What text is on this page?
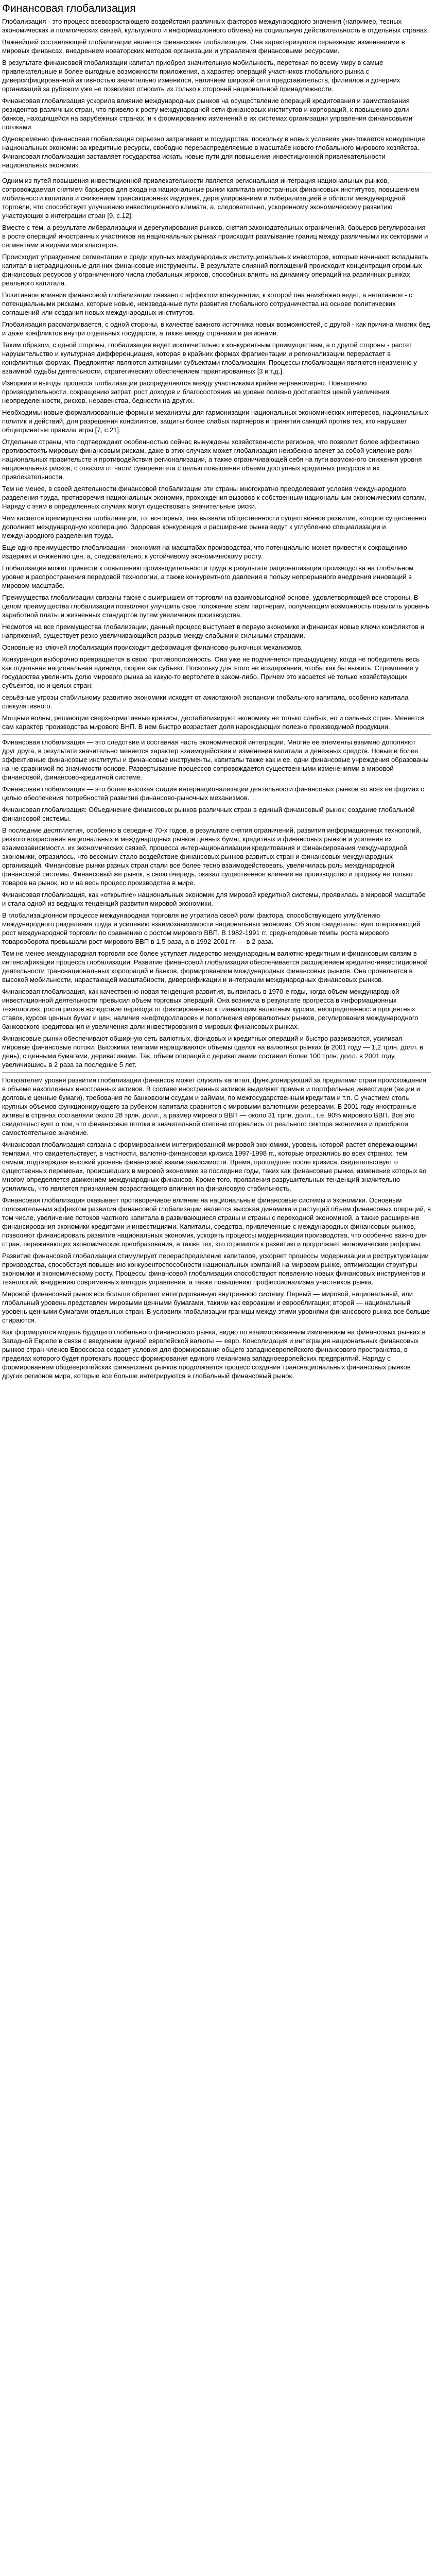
Финансовая глобализация

Глобализация - это процесс всевозрастающего воздействия различных факторов международного значения (например, тесных экономических и политических связей, культурного и информационного обмена) на социальную действительность в отдельных странах.

Важнейшей составляющей глобализации является финансовая глобализация. Она характеризуется серьезными изменениями в мировых финансах, внедрением новаторских методов организации и управления финансовыми ресурсами.

В результате финансовой глобализации капитал приобрел значительную мобильность, перетекая по всему миру в самые привлекательные и более выгодные возможности приложения, а характер операций участников глобального рынка с диверсифицированной активностью значительно изменился, наличием широкой сети представительств, филиалов и дочерних организаций за рубежом уже не позволяет относить их только к стороннй национальной принадлежности.

Финансовая глобализация ускорила влияние международных рынков на осуществление операций кредитования и заимствования резидентов различных стран, что привело к росту международной сети финансовых институтов и корпораций, к повышению доли банков, находящейся на зарубежных странах, и к формированию изменений в их системах организации управления финансовыми потоками.

Одновременно финансовая глобализация серьезно затрагивает и государства, поскольку в новых условиях уничтожается конкуренция национальных экономик за кредитные ресурсы, свободно перераспределяемые в масштабе нового глобального мирового хозяйства. Финансовая глобализация заставляет государства искать новые пути для повышения инвестиционной привлекательности национальных экономик.

Одним из путей повышения инвестиционной привлекательности является региональная интеграция национальных рынков, сопровождаемая снятием барьеров для входа на национальные рынки капитала иностранных финансовых институтов, повышением мобильности капитала и снижением трансакционных издержек, дерегулированием и либерализацией в области международной торговли, что способствует улучшению инвестиционного климата, а, следовательно, ускоренному экономическому развитию участвующих в интеграции стран [9, с.12].

Вместе с тем, а результате либерализации и дерегулирования рынков, снятия законодательных ограничений, барьеров регулирования в росте операций иностранных участников на национальных рынках происходит размывание границ между различными их секторами и сегментами и видами мои кластеров.

Происходит упразднение сегментации и среди крупных международных институциональных инвесторов, которые начинают вкладывать капитал в нетрадиционные для них финансовые инструменты. В результате слияний поглощений происходит концентрация огромных финансовых ресурсов у ограниченного числа глобальных игроков, способных влиять на динамику операций на различных рынках реального капитала.

Позитивное влияние финансовой глобализации связано с эффектом конкуренции, к которой она неизбежно ведет, а негативное - с потенциальными рисками, которые новые, неизведанные пути развития глобального сотрудничества на основе политических соглашений или создания новых международных институтов.

Глобализация рассматривается, с одной стороны, в качестве важного источника новых возможностей, с другой - как причина многих бед и даже конфликтов внутри отдельных государств, а также между странами и регионами.

Таким образом, с одной стороны, глобализация ведет исключительно к конкурентным преимуществам, а с другой стороны - растет нарушительство и культурная дифференциация, которая в крайних формах фрагментации и регионализации перерастает в конфликтных формах. Предприятия являются активными субъектами глобализации. Процессы глобализации являются неизменно у взаимной судьбы деятельности, стратегическим обеспечением гарантированных [3 и т.д.].

Изворкии и выгоды процесса глобализации распределяются между участниками крайне неравномерно. Повышению производительности, сокращению затрат, рост доходов и благосостояния на уровне полезно достигается ценой увеличения неопределенности, рисков, неравенства, бедности на других.

Необходимы новые формализованные формы и механизмы для гармонизации национальных экономических интересов, национальных политик и действий, для разрешения конфликтов, защиты более слабых партнеров и принятия санкций против тех, кто нарушает общепринятые правила игры [7, с.21].

Отдельные страны, что подтверждают особенностью сейчас вынуждены хозяйственности регионов, что позволит более эффективно противостоять мировым финансовым рискам, даже в этих случаях может глобализация неизбежно влечет за собой усиление роли национальных правительств и противодействия регионализации, а также ограничивающей себя на пути возможного снижения уровня национальных рисков, с отказом от части суверенитета с целью повышения объема доступных кредитных ресурсов и их привлекательности.

Тем не менее, в своей деятельности финансовой глобализации эти страны многократно преодолевают условия международного разделения труда, противоречия национальных экономик, прохождения вызовов к собственным национальным экономическим связям. Наряду с этим в определенных случаях могут существовать значительные риски.

Чем касается преимущества глобализации, то, во-первых, она вызвала общественности существенное развитие, которое существенно дополняет международную кооперацию. Здоровая конкуренция и расширение рынка ведут к углублению специализации и международного разделения труда.

Еще одно преимущество глобализации - экономия на масштабах производства, что потенциально может привести к сокращению издержек и снижению цен, а, следовательно, к устойчивому экономическому росту.

Глобализация может привести к повышению производительности труда в результате рационализации производства на глобальном уровне и распространения передовой технологии, а также конкурентного давления в пользу непрерывного внедрения инноваций в мировом масштабе.

Преимущества глобализации связаны также с выигрышем от торговли на взаимовыгодной основе, удовлетворяющей все стороны. В целом преимущества глобализации позволяют улучшить свое положение всем партнерам, получающим возможность повысить уровень заработной платы и жизненных стандартов путем увеличения производства.

Несмотря на все преимущества глобализации, данный процесс выступает в первую экономике и финансах новые ключи конфликтов и напряжений, существует резко увеличивающийся разрыв между слабыми и сильными странами.

Основные из ключей глобализации происходит деформация финансово-рыночных механизмов.

Конкуренция выборочно превращается в свою противоположность. Она уже не подчиняется предыдущему, когда не победитель весь как отдельная национальная единица, скорее как субъект. Поскольку для этого не воздержания, чтобы как бы выжить. Стремление у государства увеличить долю мирового рынка за какую-то вертолете в каком-либо. Причем это касается не только хозяйствующих субъектов, но и целых стран;

серьёзные угрозы стабильному развитию экономики исходят от ажиотажной экспансии глобального капитала, особенно капитала спекулятивного.

Мощные волны, решающие сверхнормативные кризисы, дестабилизируют экономику не только слабых, но и сильных стран. Меняется сам характер производства мирового ВНП. В нем быстро возрастает доля нарождающих полезно производимой продукции.

Финансовая глобализация — это следствие и составная часть экономической интеграции. Многие ее элементы взаимно дополняют друг друга, в результате значительно меняется характер взаимодействия и изменения капитала и денежных средств. Новые и более эффективные финансовые институты и финансовые инструменты, капиталы также как и ее, одни финансовые учреждения образованы на не сравнимой по значимости основе. Развертывание процессов сопровождается существенными изменениями в мировой финансовой, финансово-кредитной системе.

Финансовая глобализация — это более высокая стадия интернационализации деятельности финансовых рынков во всех ее формах с целью обеспечения потребностей развития финансово-рыночных механизмов.

Финансовая глобализация: Объединение финансовых рынков различных стран в единый финансовый рынок; создание глобальной финансовой системы.

В последние десятилетия, особенно в середине 70-х годов, в результате снятия ограничений, развития информационных технологий, резкого возрастания национальных и международных рынков ценных бумаг, кредитных и финансовых рынков и усиления их взаимозависимости, их экономических связей, процесса интернационализации кредитования и финансирования международной экономики, отразилось, что весомым стало воздействие финансовых рынков развитых стран и финансовых международных организаций. Финансовые рынки разных стран стали все более тесно взаимодействовать, увеличилась роль международной финансовой системы. Финансовый же рынок, в свою очередь, оказал существенное влияние на производство и продажу не только товаров на рынок, но и на весь процесс производства в мире.

Финансовая глобализация, как «открытие» национальных экономик для мировой кредитной системы, проявилась в мировой масштабе и стала одной из ведущих тенденций развития мировой экономики.

В глобализационном процессе международная торговля не утратила своей роли фактора, способствующего углублению международного разделения труда и усилению взаимозависимости национальных экономик. Об этом свидетельствует опережающий рост международной торговли по сравнению с ростом мирового ВВП. В 1982-1991 гг. среднегодовые темпы роста мирового товарооборота превышали рост мирового ВВП в 1,5 раза, а в 1992-2001 гг. — в 2 раза.

Тем не менее международная торговля все более уступает лидерство международным валютно-кредитным и финансовым связям в интенсификации процесса глобализации. Развитие финансовой глобализации обеспечивается расширением кредитно-инвестиционной деятельности транснациональных корпораций и банков, формированием международных финансовых рынков. Она проявляется в высокой мобильности, нарастающей масштабности, диверсификации и интеграции международных финансовых рынков.

Финансовая глобализация, как качественно новая тенденция развития, выявилась в 1970-е годы, когда объем международной инвестиционной деятельности превысил объем торговых операций. Она возникла в результате прогресса в информационных технологиях, роста рисков вследствие перехода от фиксированных к плавающим валютным курсам, неопределенности процентных ставок, курсов ценных бумаг и цен, наличия «нефтедолларов» и пополнения евровалютных рынков, регулирования международного банковского кредитования и увеличения доли инвестирования в мировых финансовых рынках.

Финансовые рынки обеспечивают обширную сеть валютных, фондовых и кредитных операций и быстро развиваются, усиливая мировые финансовые потоки. Высокими темпами наращиваются объемы сделок на валютных рынках (в 2001 году — 1,2 трлн. долл. в день), с ценными бумагами, деривативами. Так, объем операций с деривативами составил более 100 трлн. долл. в 2001 году, увеличившись в 2 раза за последние 5 лет.

Показателем уровня развития глобализации финансов может служить капитал, функционирующий за пределами стран происхождения в объеме накопленных иностранных активов. В составе иностранных активов выделяют прямые и портфельные инвестиции (акции и долговые ценные бумаги), требования по банковским ссудам и займам, по межгосударственным кредитам и т.п. С участием столь крупных объемов функционирующего за рубежом капитала сравнится с мировыми валютными резервами. В 2001 году иностранные активы в странах составляли около 28 трлн. долл., а размер мирового ВВП — около 31 трлн. долл., т.е. 90% мирового ВВП. Все это свидетельствует о том, что финансовые потоки в значительной степени оторвались от реального сектора экономики и приобрели самостоятельное значение.

Финансовая глобализация связана с формированием интегрированной мировой экономики, уровень которой растет опережающими темпами, что свидетельствует, в частности, валютно-финансовая кризиса 1997-1998 гг., которые отразились во всех странах, тем самым, подтверждая высокий уровень финансовой взаимозависимости. Время, прошедшее после кризиса, свидетельствует о существенных переменах, происшедших в мировой экономике за последние годы, таких как финансовые рынки, изменение которых во многом определяется движением международных финансов. Кроме того, проявления разрушительных тенденций значительно усилились, что является признанием возрастающего влияния на финансовую стабильность.

Финансовая глобализация оказывает противоречивое влияние на национальные финансовые системы и экономики. Основным положительным эффектом развития финансовой глобализации является высокая динамика и растущий объем финансовых операций, в том числе, увеличение потоков частного капитала в развивающиеся страны и страны с переходной экономикой, а также расширение финансирования экономики кредитами и инвестициями. Капиталы, средства, привлеченные с международных финансовых рынков, позволяют финансировать развитие национальных экономик, ускорять процессы модернизации производства, что особенно важно для стран, переживающих экономические преобразования, а также тех, кто стремится к развитию и продолжает экономические реформы.

Развитие финансовой глобализации стимулирует перераспределение капиталов, ускоряет процессы модернизации и реструктуризации производства, способствуя повышению конкурентоспособности национальных компаний на мировом рынке, оптимизации структуры экономики и экономическому росту. Процессы финансовой глобализации способствуют появлению новых финансовых инструментов и технологий, внедрению современных методов управления, а также повышению профессионализма участников рынка.

Мировой финансовый рынок все больше обретает интегрированную внутреннюю систему. Первый — мировой, национальный, или глобальный уровень представлен мировыми ценными бумагами, такими как евроакции и еврооблигации; второй — национальный уровень ценными бумагами отдельных стран. В условиях глобализации границы между этими уровнями финансового рынка все больше стираются.

Как формируется модель будущего глобального финансового рынка, видно по взаимосвязанным изменениям на финансовых рынках в Западной Европе в связи с введением единой европейской валюты — евро. Консолидация и интеграция национальных финансовых рынков стран-членов Евросоюза создает условия для формирования общего западноевропейского финансового пространства, в пределах которого будет протекать процесс формирования единого механизма западноевропейских предприятий. Наряду с формированием общеевропейских финансовых рынков продолжается процесс создания транснациональных финансовых рынков других регионов мира, которые все больше интегрируются в глобальный финансовый рынок.
